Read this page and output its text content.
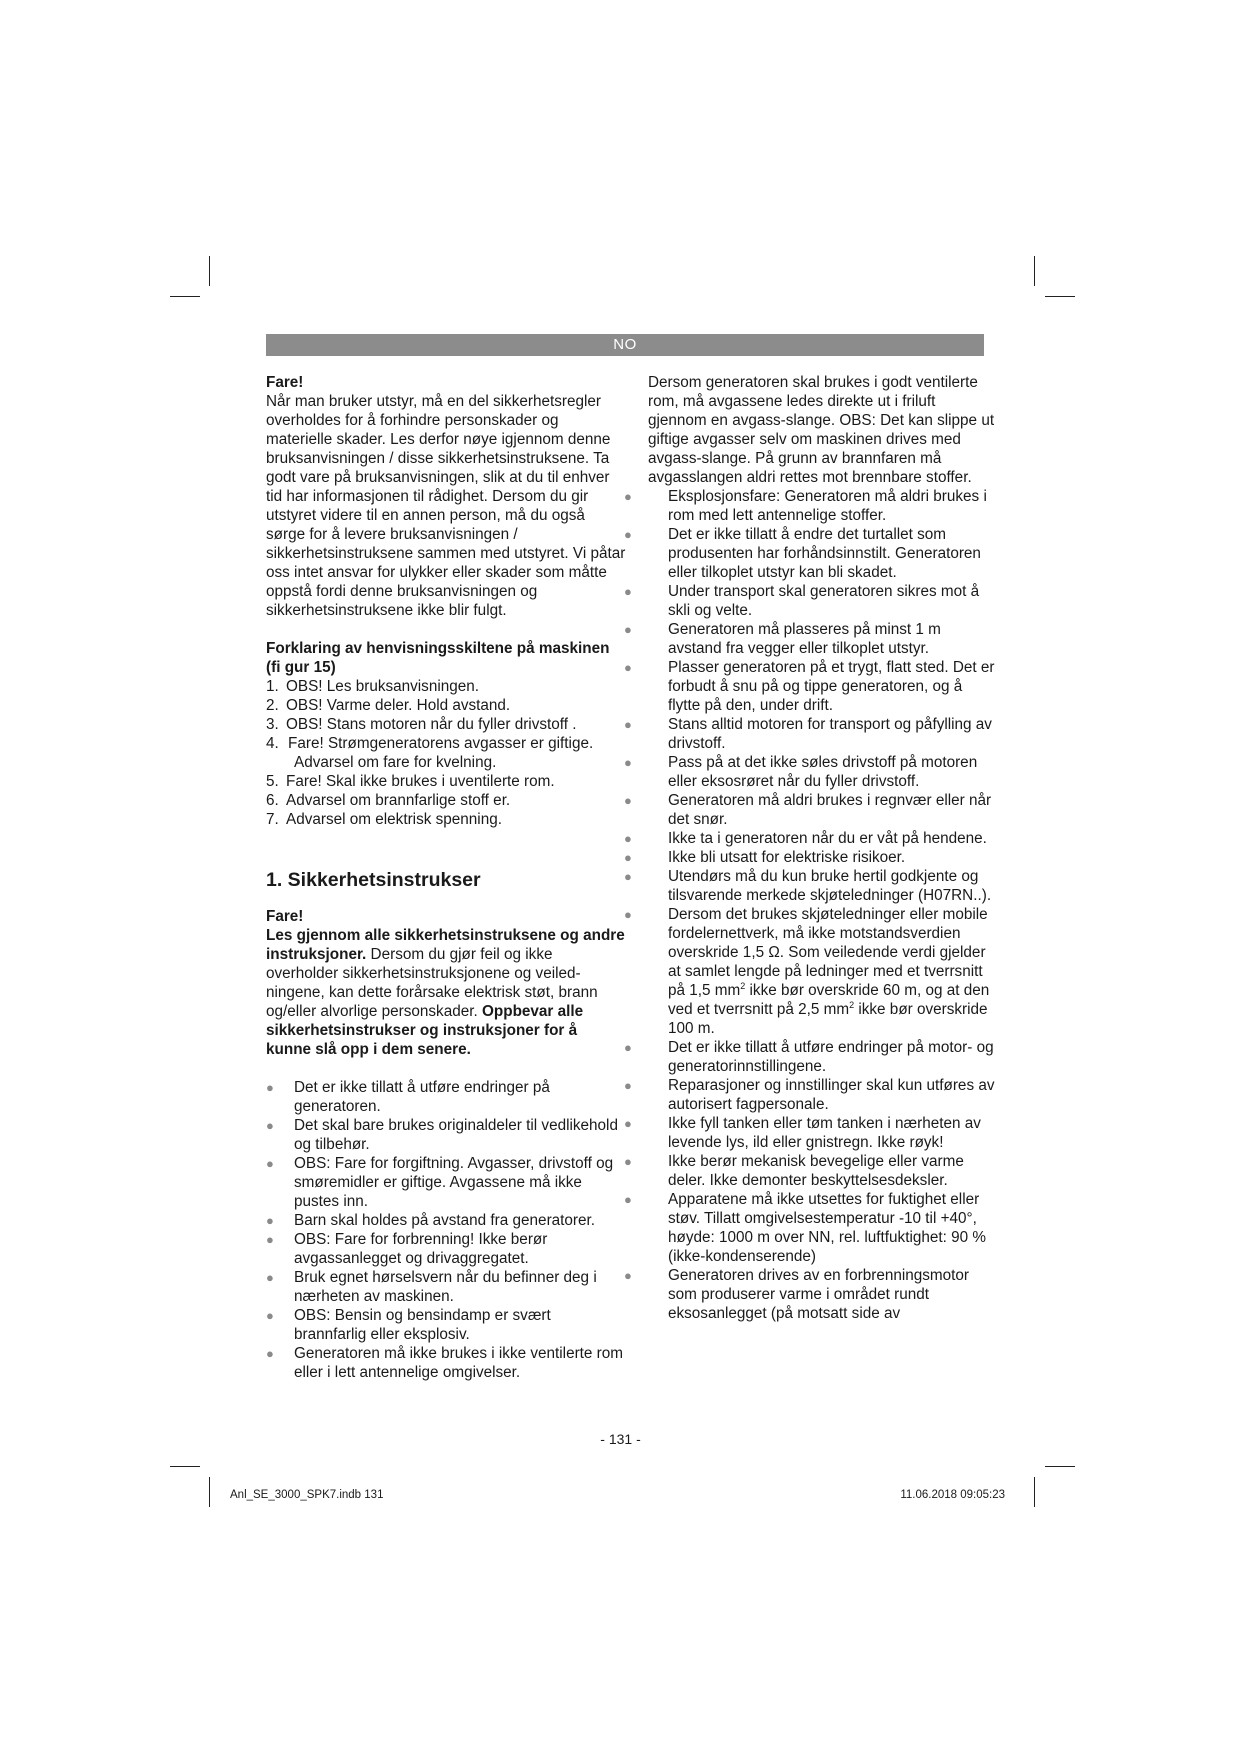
NO

Fare!

Når man bruker utstyr, må en del sikkerhetsregler overholdes for å forhindre personskader og materielle skader. Les derfor nøye igjennom denne bruksanvisningen / disse sikkerhetsinstruksene. Ta godt vare på bruksanvisningen, slik at du til enhver tid har informasjonen til rådighet. Dersom du gir utstyret videre til en annen person, må du også sørge for å levere bruksanvisningen / sikkerhetsinstruksene sammen med utstyret. Vi påtar oss intet ansvar for ulykker eller skader som måtte oppstå fordi denne bruksanvisningen og sikkerhetsinstruksene ikke blir fulgt.

Forklaring av henvisningsskiltene på maskinen (fi gur 15)

1. OBS! Les bruksanvisningen.
2. OBS! Varme deler. Hold avstand.
3. OBS! Stans motoren når du fyller drivstoff .
4. Fare! Strømgeneratorens avgasser er giftige.
Advarsel om fare for kvelning.
5. Fare! Skal ikke brukes i uventilerte rom.
6. Advarsel om brannfarlige stoff er.
7. Advarsel om elektrisk spenning.
1. Sikkerhetsinstrukser

Fare!

Les gjennom alle sikkerhetsinstruksene og andre instruksjoner. Dersom du gjør feil og ikke overholder sikkerhetsinstruksjonene og veiled-ningene, kan dette forårsake elektrisk støt, brann og/eller alvorlige personskader. Oppbevar alle sikkerhetsinstrukser og instruksjoner for å kunne slå opp i dem senere.

● Det er ikke tillatt å utføre endringer på generatoren.
● Det skal bare brukes originaldeler til vedlikehold og tilbehør.
● OBS: Fare for forgiftning. Avgasser, drivstoff og smøremidler er giftige. Avgassene må ikke pustes inn.
● Barn skal holdes på avstand fra generatorer.
● OBS: Fare for forbrenning! Ikke berør avgassanlegget og drivaggregatet.
● Bruk egnet hørselsvern når du befinner deg i nærheten av maskinen.
● OBS: Bensin og bensindamp er svært brannfarlig eller eksplosiv.
● Generatoren må ikke brukes i ikke ventilerte rom eller i lett antennelige omgivelser.

Dersom generatoren skal brukes i godt ventilerte rom, må avgassene ledes direkte ut i friluft gjennom en avgass-slange. OBS: Det kan slippe ut giftige avgasser selv om maskinen drives med avgass-slange. På grunn av brannfaren må avgasslangen aldri rettes mot brennbare stoffer.

● Eksplosjonsfare: Generatoren må aldri brukes i rom med lett antennelige stoffer.
● Det er ikke tillatt å endre det turtallet som produsenten har forhåndsinnstilt. Generatoren eller tilkoplet utstyr kan bli skadet.
● Under transport skal generatoren sikres mot å skli og velte.
● Generatoren må plasseres på minst 1 m avstand fra vegger eller tilkoplet utstyr.
● Plasser generatoren på et trygt, flatt sted. Det er forbudt å snu på og tippe generatoren, og å flytte på den, under drift.
● Stans alltid motoren for transport og påfylling av drivstoff.
● Pass på at det ikke søles drivstoff på motoren eller eksosrøret når du fyller drivstoff.
● Generatoren må aldri brukes i regnvær eller når det snør.
● Ikke ta i generatoren når du er våt på hendene.
● Ikke bli utsatt for elektriske risikoer.
● Utendørs må du kun bruke hertil godkjente og tilsvarende merkede skjøteledninger (H07RN..).
● Dersom det brukes skjøteledninger eller mobile fordelernettverk, må ikke motstandsverdien overskride 1,5 Ω. Som veiledende verdi gjelder at samlet lengde på ledninger med et tverrsnitt på 1,5 $mm^2$ ikke bør overskride 60 m, og at den ved et tverrsnitt på 2,5 $mm^2$ ikke bør overskride 100 m.
● Det er ikke tillatt å utføre endringer på motor- og generatorinnstillingene.
● Reparasjoner og innstillinger skal kun utføres av autorisert fagpersonale.
● Ikke fyll tanken eller tøm tanken i nærheten av levende lys, ild eller gnistregn. Ikke røyk!
● Ikke berør mekanisk bevegelige eller varme deler. Ikke demonter beskyttelsesdeksler.
● Apparatene må ikke utsettes for fuktighet eller støv. Tillatt omgivelsestemperatur -10 til +40°, høyde: 1000 m over NN, rel. luftfuktighet: 90 % (ikke-kondenserende)
● Generatoren drives av en forbrenningsmotor som produserer varme i området rundt eksosanlegget (på motsatt side av
- 131 -
Anl_SE_3000_SPK7.indb 131	11.06.2018 09:05:23
